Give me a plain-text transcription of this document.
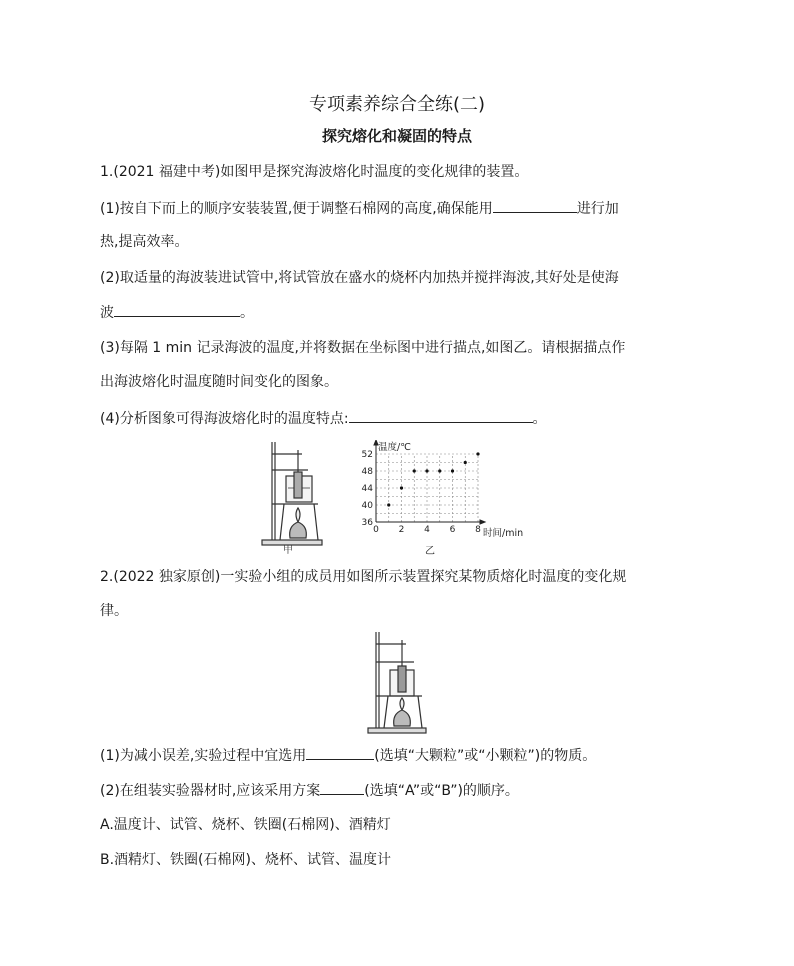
专项素养综合全练(二)
探究熔化和凝固的特点
1.(2021 福建中考)如图甲是探究海波熔化时温度的变化规律的装置。
(1)按自下而上的顺序安装装置,便于调整石棉网的高度,确保能用	进行加
热,提高效率。
(2)取适量的海波装进试管中,将试管放在盛水的烧杯内加热并搅拌海波,其好处是使海
波	。
(3)每隔 1 min 记录海波的温度,并将数据在坐标图中进行描点,如图乙。请根据描点作
出海波熔化时温度随时间变化的图象。
(4)分析图象可得海波熔化时的温度特点:	。
甲
温度/℃
时间/min
0 2 4 6 8
36
40
44
48
52
乙
2.(2022 独家原创)一实验小组的成员用如图所示装置探究某物质熔化时温度的变化规
律。
(1)为减小误差,实验过程中宜选用	(选填“大颗粒”或“小颗粒”)的物质。
(2)在组装实验器材时,应该采用方案	(选填“A”或“B”)的顺序。
A.温度计、试管、烧杯、铁圈(石棉网)、酒精灯
B.酒精灯、铁圈(石棉网)、烧杯、试管、温度计
